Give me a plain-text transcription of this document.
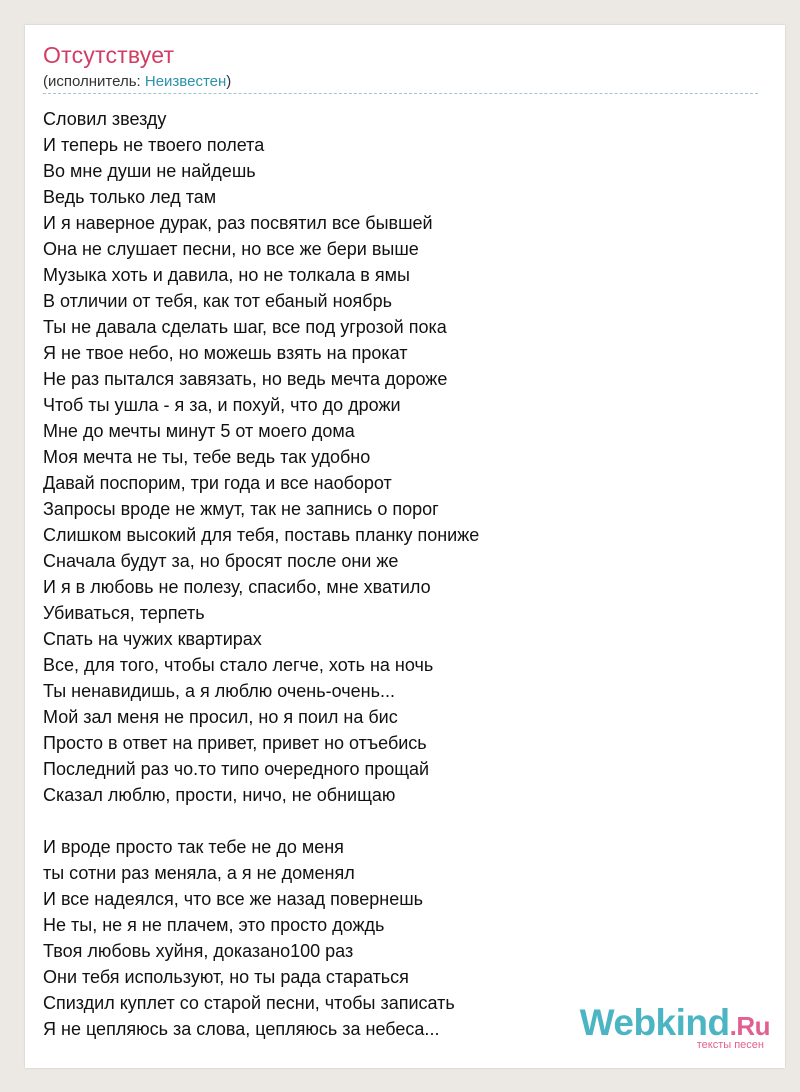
Отсутствует
(исполнитель: Неизвестен)
Словил звезду
И теперь не твоего полета
Во мне души не найдешь
Ведь только лед там
И я наверное дурак, раз посвятил все бывшей
Она не слушает песни, но все же бери выше
Музыка хоть и давила, но не толкала в ямы
В отличии от тебя, как тот ебаный ноябрь
Ты не давала сделать шаг, все под угрозой пока
Я не твое небо, но можешь взять на прокат
Не раз пытался завязать, но ведь мечта дороже
Чтоб ты ушла - я за, и похуй, что до дрожи
Мне до мечты минут 5 от моего дома
Моя мечта не ты, тебе ведь так удобно
Давай поспорим, три года и все наоборот
Запросы вроде не жмут, так не запнись о порог
Слишком высокий для тебя, поставь планку пониже
Сначала будут за, но бросят после они же
И я в любовь не полезу, спасибо, мне хватило
Убиваться, терпеть
Спать на чужих квартирах
Все, для того, чтобы стало легче, хоть на ночь
Ты ненавидишь, а я люблю очень-очень...
Мой зал меня не просил, но я поил на бис
Просто в ответ на привет, привет но отъебись
Последний раз чо.то типо очередного прощай
Сказал люблю, прости, ничо, не обнищаю
И вроде просто так тебе не до меня
ты сотни раз меняла, а я не доменял
И все надеялся, что все же назад повернешь
Не ты, не я не плачем, это просто дождь
Твоя любовь хуйня, доказано100 раз
Они тебя используют, но ты рада стараться
Спиздил куплет со старой песни, чтобы записать
Я не цепляюсь за слова, цепляюсь за небеса...	Webkind.Ru
тексты песен
